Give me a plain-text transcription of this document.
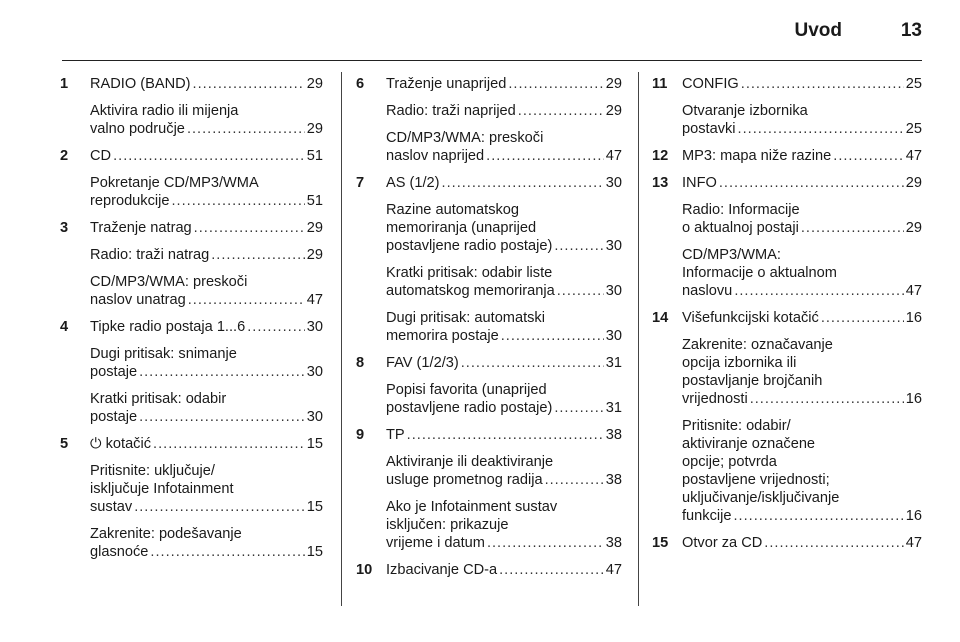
Uvod	13
1	RADIO (BAND) .....	29
Aktivira radio ili mijenja
valno područje .....	29
2	CD .....	51
Pokretanje CD/MP3/WMA
reprodukcije .....	51
3	Traženje natrag .....	29
Radio: traži natrag .....	29
CD/MP3/WMA: preskoči
naslov unatrag .....	47
4	Tipke radio postaja 1...6 .....	30
Dugi pritisak: snimanje
postaje .....	30
Kratki pritisak: odabir
postaje .....	30
5	⏻ kotačić .....	15
Pritisnite: uključuje/
isključuje Infotainment
sustav .....	15
Zakrenite: podešavanje
glasnoće .....	15
6	Traženje unaprijed .....	29
Radio: traži naprijed .....	29
CD/MP3/WMA: preskoči
naslov naprijed .....	47
7	AS (1/2) .....	30
Razine automatskog
memoriranja (unaprijed
postavljene radio postaje) .....	30
Kratki pritisak: odabir liste
automatskog memoriranja .....	30
Dugi pritisak: automatski
memorira postaje .....	30
8	FAV (1/2/3) .....	31
Popisi favorita (unaprijed
postavljene radio postaje) .....	31
9	TP .....	38
Aktiviranje ili deaktiviranje
usluge prometnog radija .....	38
Ako je Infotainment sustav
isključen: prikazuje
vrijeme i datum .....	38
10 Izbacivanje CD-a .....	47
11 CONFIG .....	25
Otvaranje izbornika
postavki .....	25
12 MP3: mapa niže razine .....	47
13 INFO .....	29
Radio: Informacije
o aktualnoj postaji .....	29
CD/MP3/WMA:
Informacije o aktualnom
naslovu .....	47
14 Višefunkcijski kotačić .....	16
Zakrenite: označavanje
opcija izbornika ili
postavljanje brojčanih
vrijednosti .....	16
Pritisnite: odabir/
aktiviranje označene
opcije; potvrda
postavljene vrijednosti;
uključivanje/isključivanje
funkcije .....	16
15 Otvor za CD .....	47
